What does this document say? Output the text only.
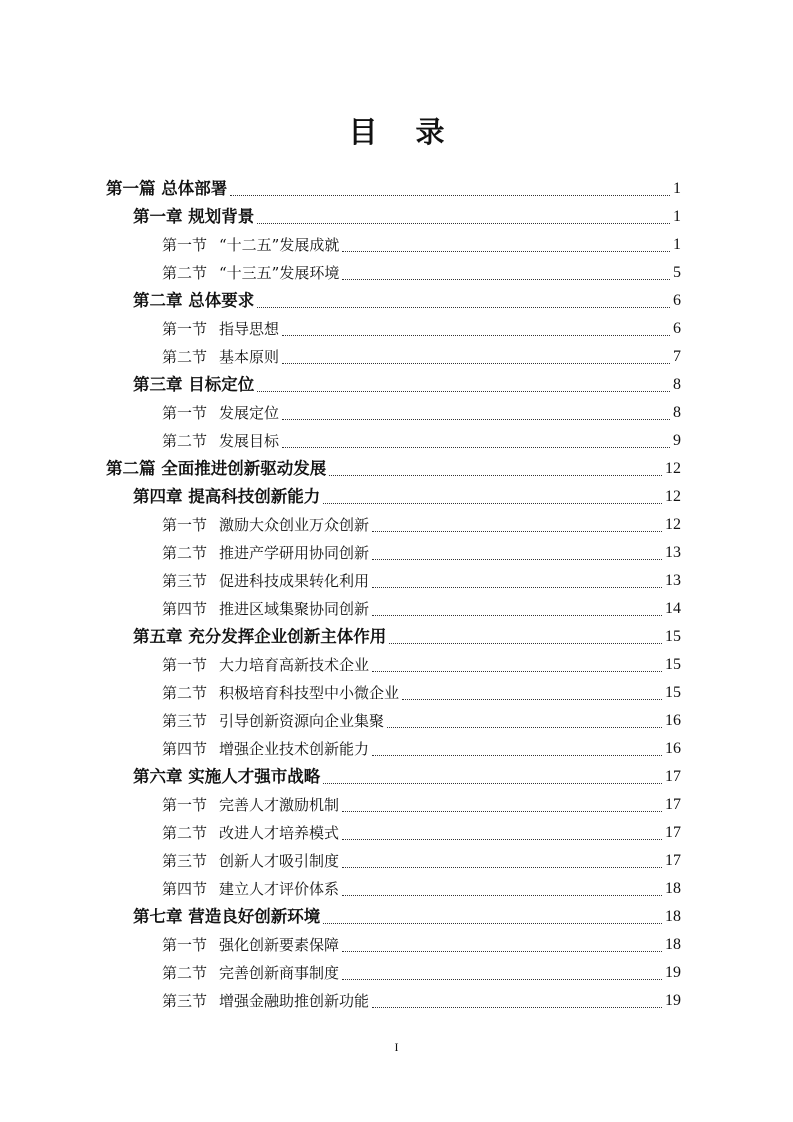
目录
第一篇 总体部署	1
第一章 规划背景	1
第一节 “十二五”发展成就	1
第二节 “十三五”发展环境	5
第二章 总体要求	6
第一节 指导思想	6
第二节 基本原则	7
第三章 目标定位	8
第一节 发展定位	8
第二节 发展目标	9
第二篇 全面推进创新驱动发展	12
第四章 提高科技创新能力	12
第一节 激励大众创业万众创新	12
第二节 推进产学研用协同创新	13
第三节 促进科技成果转化利用	13
第四节 推进区域集聚协同创新	14
第五章 充分发挥企业创新主体作用	15
第一节 大力培育高新技术企业	15
第二节 积极培育科技型中小微企业	15
第三节 引导创新资源向企业集聚	16
第四节 增强企业技术创新能力	16
第六章 实施人才强市战略	17
第一节 完善人才激励机制	17
第二节 改进人才培养模式	17
第三节 创新人才吸引制度	17
第四节 建立人才评价体系	18
第七章 营造良好创新环境	18
第一节 强化创新要素保障	18
第二节 完善创新商事制度	19
第三节 增强金融助推创新功能	19
I
